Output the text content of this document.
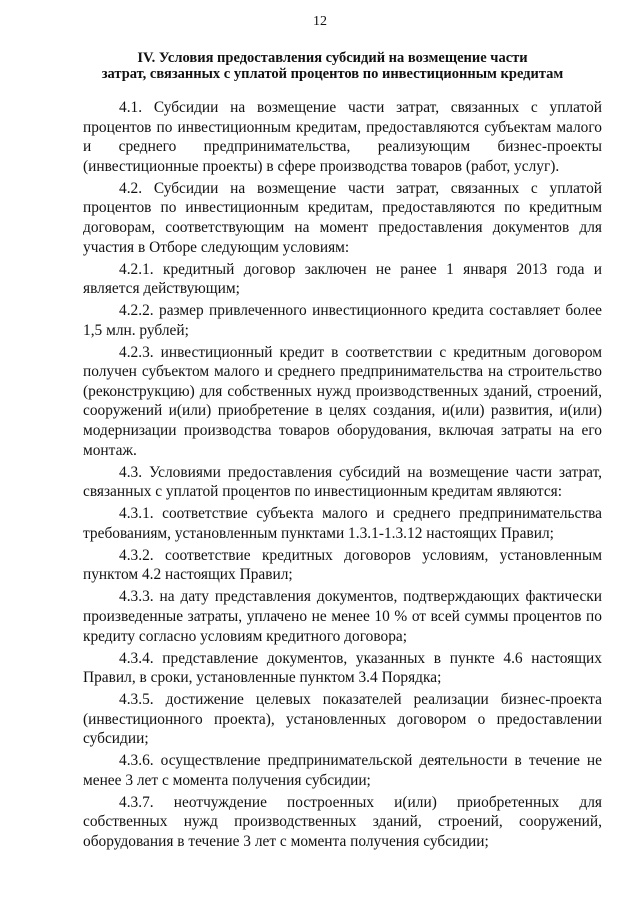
12
IV. Условия предоставления субсидий на возмещение части
затрат, связанных с уплатой процентов по инвестиционным кредитам

4.1. Субсидии на возмещение части затрат, связанных с уплатой процентов по инвестиционным кредитам, предоставляются субъектам малого и среднего предпринимательства, реализующим бизнес-проекты (инвестиционные проекты) в сфере производства товаров (работ, услуг).

4.2. Субсидии на возмещение части затрат, связанных с уплатой процентов по инвестиционным кредитам, предоставляются по кредитным договорам, соответствующим на момент предоставления документов для участия в Отборе следующим условиям:

4.2.1. кредитный договор заключен не ранее 1 января 2013 года и является действующим;

4.2.2. размер привлеченного инвестиционного кредита составляет более 1,5 млн. рублей;

4.2.3. инвестиционный кредит в соответствии с кредитным договором получен субъектом малого и среднего предпринимательства на строительство (реконструкцию) для собственных нужд производственных зданий, строений, сооружений и(или) приобретение в целях создания, и(или) развития, и(или) модернизации производства товаров оборудования, включая затраты на его монтаж.

4.3. Условиями предоставления субсидий на возмещение части затрат, связанных с уплатой процентов по инвестиционным кредитам являются:

4.3.1. соответствие субъекта малого и среднего предпринимательства требованиям, установленным пунктами 1.3.1-1.3.12 настоящих Правил;

4.3.2. соответствие кредитных договоров условиям, установленным пунктом 4.2 настоящих Правил;

4.3.3. на дату представления документов, подтверждающих фактически произведенные затраты, уплачено не менее 10 % от всей суммы процентов по кредиту согласно условиям кредитного договора;

4.3.4. представление документов, указанных в пункте 4.6 настоящих Правил, в сроки, установленные пунктом 3.4 Порядка;

4.3.5. достижение целевых показателей реализации бизнес-проекта (инвестиционного проекта), установленных договором о предоставлении субсидии;

4.3.6. осуществление предпринимательской деятельности в течение не менее 3 лет с момента получения субсидии;

4.3.7. неотчуждение построенных и(или) приобретенных для собственных нужд производственных зданий, строений, сооружений, оборудования в течение 3 лет с момента получения субсидии;
